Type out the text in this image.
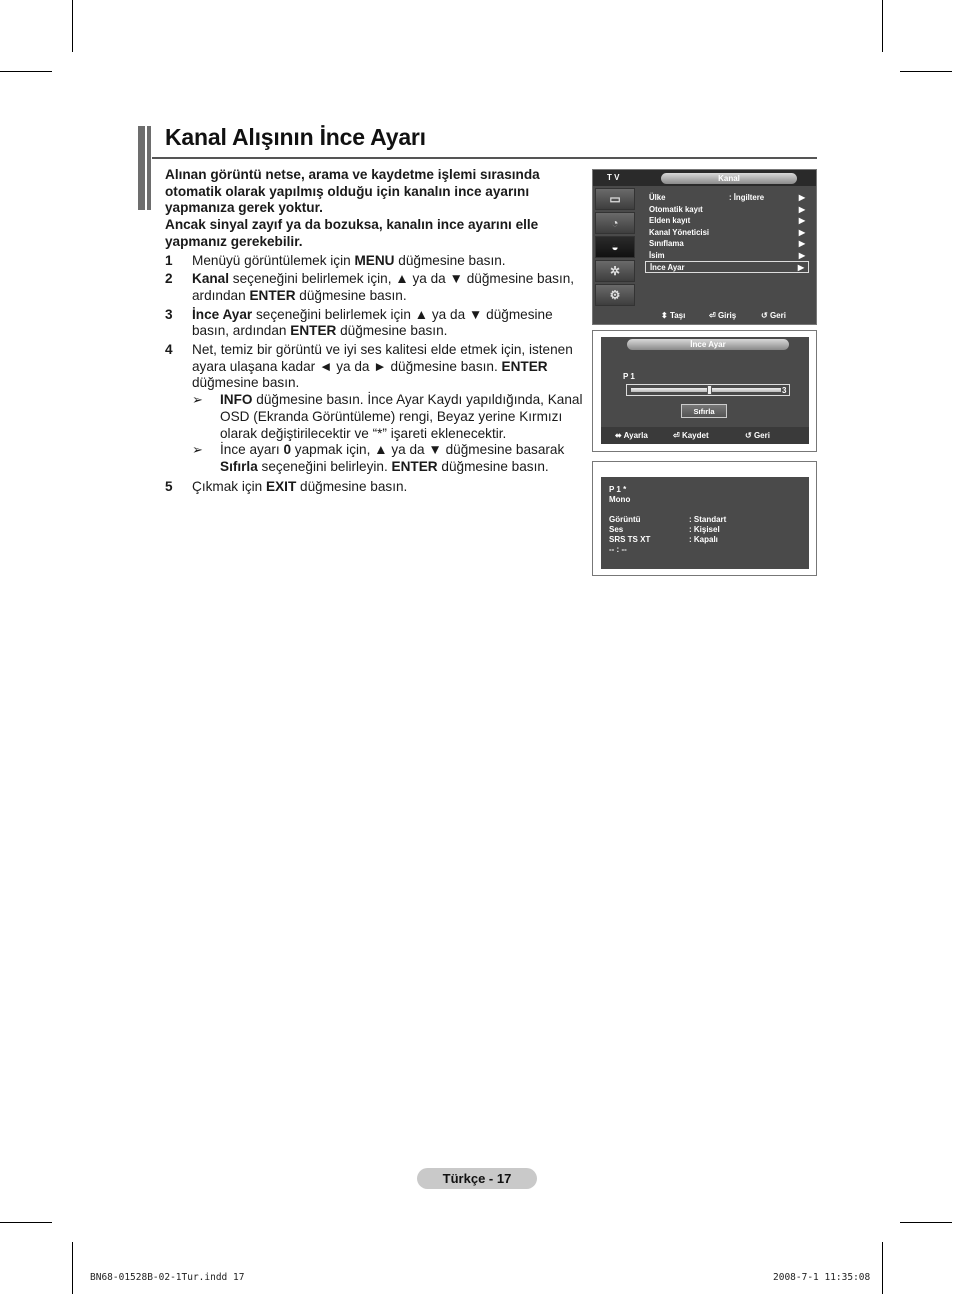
Kanal Alışının İnce Ayarı
Alınan görüntü netse, arama ve kaydetme işlemi sırasında
otomatik olarak yapılmış olduğu için kanalın ince ayarını
yapmanıza gerek yoktur.
Ancak sinyal zayıf ya da bozuksa, kanalın ince ayarını elle
yapmanız gerekebilir.
1	Menüyü görüntülemek için MENU düğmesine basın.
2	Kanal seçeneğini belirlemek için, ▲ ya da ▼ düğmesine basın, ardından ENTER düğmesine basın.
3	İnce Ayar seçeneğini belirlemek için ▲ ya da ▼ düğmesine basın, ardından ENTER düğmesine basın.
4	Net, temiz bir görüntü ve iyi ses kalitesi elde etmek için, istenen ayara ulaşana kadar ◄ ya da ► düğmesine basın. ENTER düğmesine basın.
➢	INFO düğmesine basın. İnce Ayar Kaydı yapıldığında, Kanal OSD (Ekranda Görüntüleme) rengi, Beyaz yerine Kırmızı olarak değiştirilecektir ve “*” işareti eklenecektir.
➢	İnce ayarı 0 yapmak için, ▲ ya da ▼ düğmesine basarak Sıfırla seçeneğini belirleyin. ENTER düğmesine basın.
5	Çıkmak için EXIT düğmesine basın.
T V	Kanal
▭
◔
◒
✲
⚙
Ülke	: İngiltere	▶
Otomatik kayıt	▶
Elden kayıt	▶
Kanal Yöneticisi	▶
Sınıflama	▶
İsim	▶
İnce Ayar	▶
⬍ Taşı	⏎ Giriş	↺ Geri
İnce Ayar
P 1
3
Sıfırla
⬌ Ayarla	⏎ Kaydet	↺ Geri
P 1 *
Mono
Görüntü	: Standart
Ses	: Kişisel
SRS TS XT	: Kapalı
-- : --
Türkçe - 17
BN68-01528B-02-1Tur.indd 17	2008-7-1 11:35:08
